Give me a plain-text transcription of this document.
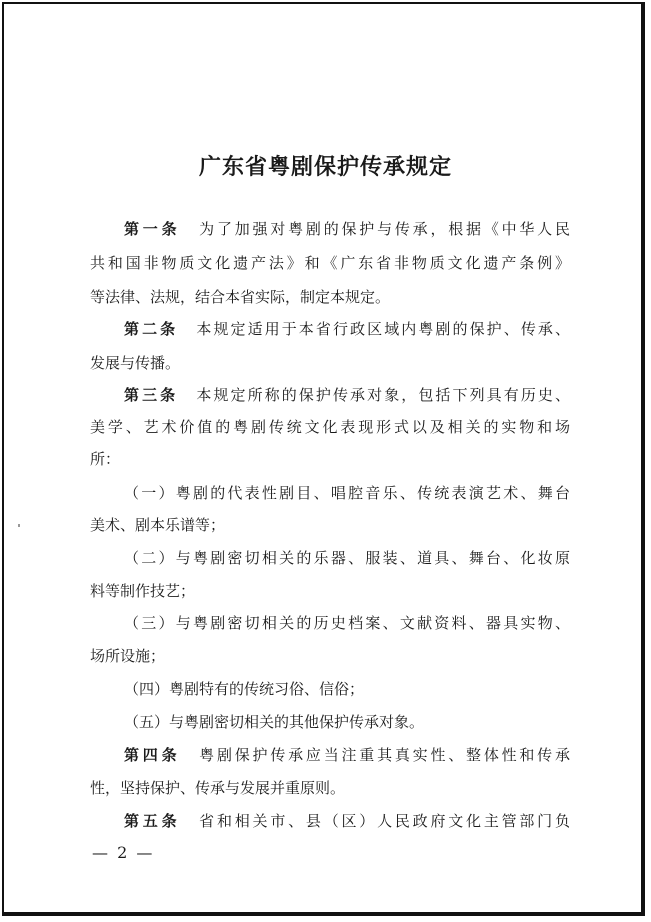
广东省粤剧保护传承规定
第一条 为了加强对粤剧的保护与传承，根据《中华人民
共和国非物质文化遗产法》和《广东省非物质文化遗产条例》
等法律、法规，结合本省实际，制定本规定。
第二条 本规定适用于本省行政区域内粤剧的保护、传承、
发展与传播。
第三条 本规定所称的保护传承对象，包括下列具有历史、
美学、艺术价值的粤剧传统文化表现形式以及相关的实物和场
所：
（一）粤剧的代表性剧目、唱腔音乐、传统表演艺术、舞台
美术、剧本乐谱等；
（二）与粤剧密切相关的乐器、服装、道具、舞台、化妆原
料等制作技艺；
（三）与粤剧密切相关的历史档案、文献资料、器具实物、
场所设施；
（四）粤剧特有的传统习俗、信俗；
（五）与粤剧密切相关的其他保护传承对象。
第四条 粤剧保护传承应当注重其真实性、整体性和传承
性，坚持保护、传承与发展并重原则。
第五条 省和相关市、县（区）人民政府文化主管部门负
— 2 —
